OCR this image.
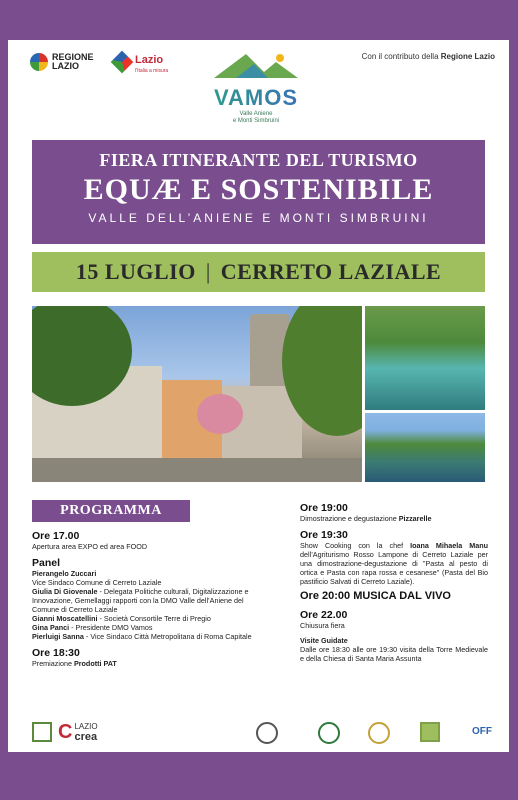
REGIONE LAZIO	Lazio
l'Italia a misura
Con il contributo della Regione Lazio
VAMOS
Valle Aniene
e Monti Simbruini
FIERA ITINERANTE DEL TURISMO
EQUÆ E SOSTENIBILE
VALLE DELL’ANIENE E MONTI SIMBRUINI
15 LUGLIO | CERRETO LAZIALE
PROGRAMMA
Ore 17.00
Apertura area EXPO ed area FOOD
Panel
Pierangelo Zuccari
Vice Sindaco Comune di Cerreto Laziale
Giulia Di Giovenale - Delegata Politiche culturali, Digitalizzazione e Innovazione, Gemellaggi rapporti con la DMO Valle dell’Aniene del Comune di Cerreto Laziale
Gianni Moscatellini - Società Consortile Terre di Pregio
Gina Panci - Presidente DMO Vamos
Pierluigi Sanna - Vice Sindaco Città Metropolitana di Roma Capitale
Ore 18:30
Premiazione Prodotti PAT
Ore 19:00
Dimostrazione e degustazione Pizzarelle
Ore 19:30
Show Cooking con la chef Ioana Mihaela Manu dell’Agriturismo Rosso Lampone di Cerreto Laziale per una dimostrazione-degustazione di "Pasta al pesto di ortica e Pasta con rapa rossa e cesanese" (Pasta del Bio pastificio Salvati di Cerreto Laziale).
Ore 20:00 MUSICA DAL VIVO
Ore 22.00
Chiusura fiera
Visite Guidate
Dalle ore 18:30 alle ore 19:30 visita della Torre Medievale e della Chiesa di Santa Maria Assunta
C LAZIO
crea	OFF
